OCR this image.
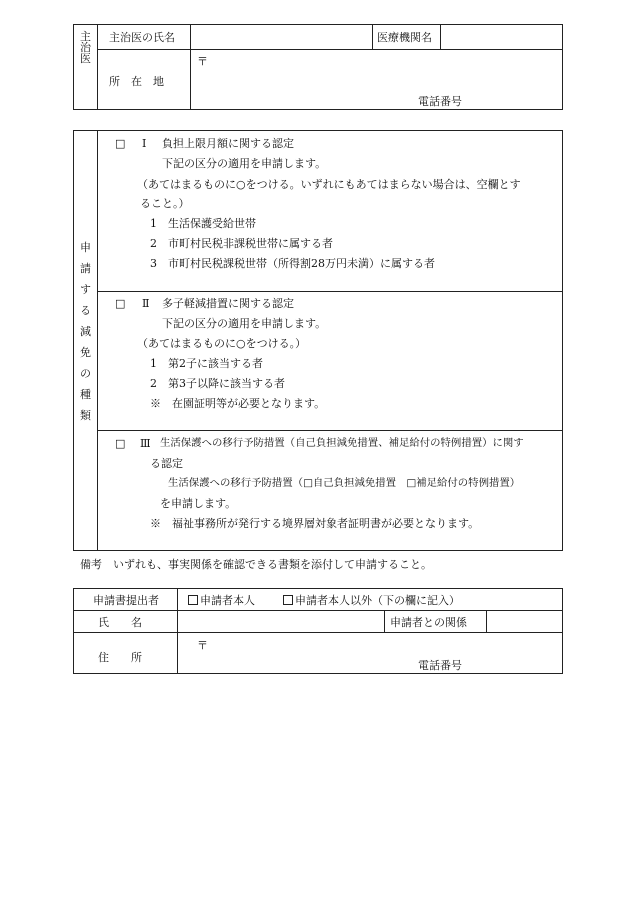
主
治
医
主治医の氏名	医療機関名
〒
所　在　地
電話番号
申
請
す
る
減
免
の
種
類
□ Ⅰ 負担上限月額に関する認定
下記の区分の適用を申請します。
（あてはまるものに○をつける。いずれにもあてはまらない場合は、空欄とす
ること。）
1　生活保護受給世帯
2　市町村民税非課税世帯に属する者
3　市町村民税課税世帯（所得割28万円未満）に属する者
□ Ⅱ 多子軽減措置に関する認定
下記の区分の適用を申請します。
（あてはまるものに○をつける。）
1　第2子に該当する者
2　第3子以降に該当する者
※　在園証明等が必要となります。
□ Ⅲ 生活保護への移行予防措置（自己負担減免措置、補足給付の特例措置）に関す
る認定
生活保護への移行予防措置（□自己負担減免措置　□補足給付の特例措置）
を申請します。
※　福祉事務所が発行する境界層対象者証明書が必要となります。
備考　いずれも、事実関係を確認できる書類を添付して申請すること。
申請書提出者	申請者本人	申請者本人以外（下の欄に記入）
氏　　名	申請者との関係
〒
住　　所
電話番号
